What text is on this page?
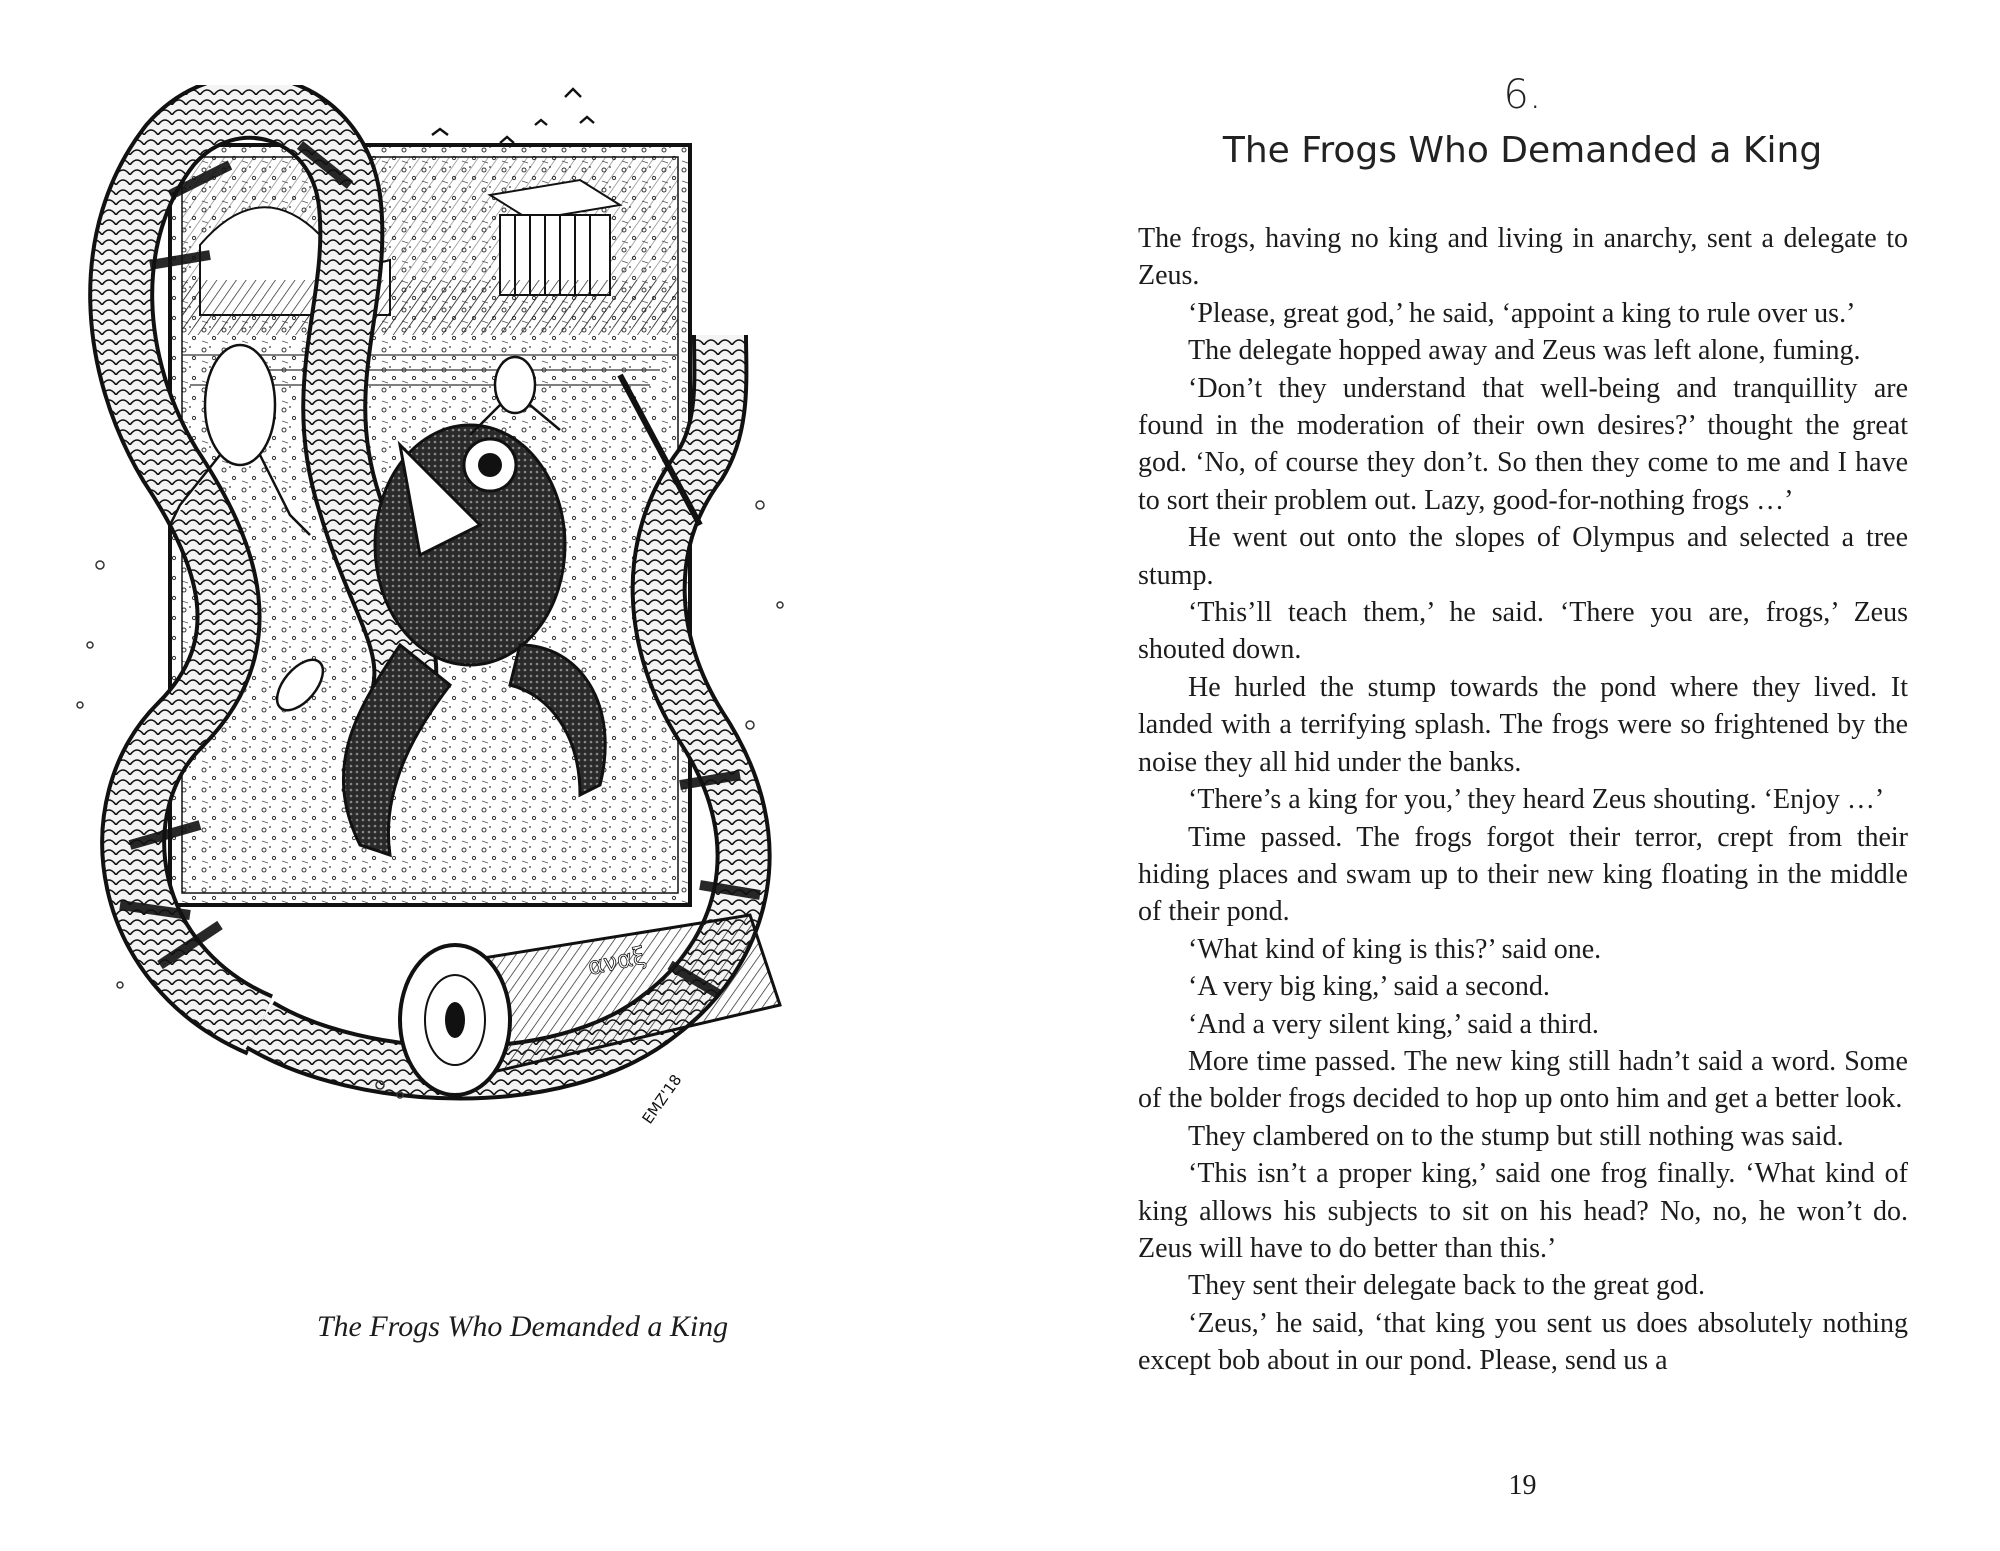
αναξ
EMZ'18
The Frogs Who Demanded a King
6.
The Frogs Who Demanded a King

The frogs, having no king and living in anarchy, sent a delegate to Zeus.

‘Please, great god,’ he said, ‘appoint a king to rule over us.’

The delegate hopped away and Zeus was left alone, fuming.

‘Don’t they understand that well-being and tranquillity are found in the moderation of their own desires?’ thought the great god. ‘No, of course they don’t. So then they come to me and I have to sort their problem out. Lazy, good-for-nothing frogs …’

He went out onto the slopes of Olympus and selected a tree stump.

‘This’ll teach them,’ he said. ‘There you are, frogs,’ Zeus shouted down.

He hurled the stump towards the pond where they lived. It landed with a terrifying splash. The frogs were so frightened by the noise they all hid under the banks.

‘There’s a king for you,’ they heard Zeus shouting. ‘Enjoy …’

Time passed. The frogs forgot their terror, crept from their hiding places and swam up to their new king floating in the middle of their pond.

‘What kind of king is this?’ said one.

‘A very big king,’ said a second.

‘And a very silent king,’ said a third.

More time passed. The new king still hadn’t said a word. Some of the bolder frogs decided to hop up onto him and get a better look.

They clambered on to the stump but still nothing was said.

‘This isn’t a proper king,’ said one frog finally. ‘What kind of king allows his subjects to sit on his head? No, no, he won’t do. Zeus will have to do better than this.’

They sent their delegate back to the great god.

‘Zeus,’ he said, ‘that king you sent us does absolutely nothing except bob about in our pond. Please, send us a

19
